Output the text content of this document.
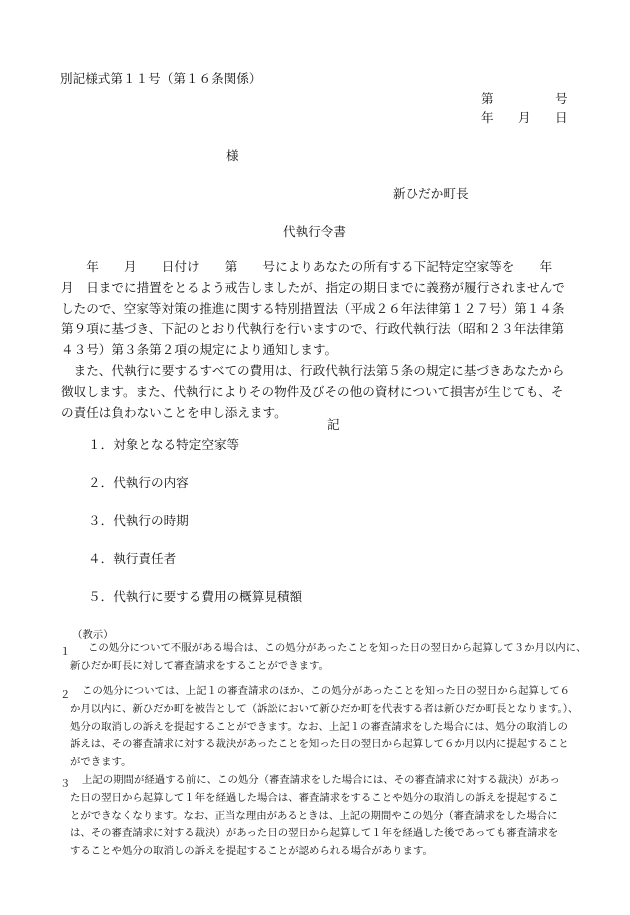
別記様式第１１号（第１６条関係）
第	号
年 月 日
様
新ひだか町長
代執行令書
　　年　　月　　日付け　　第　　号によりあなたの所有する下記特定空家等を　　年
月　日までに措置をとるよう戒告しましたが、指定の期日までに義務が履行されませんで
したので、空家等対策の推進に関する特別措置法（平成２６年法律第１２７号）第１４条
第９項に基づき、下記のとおり代執行を行いますので、行政代執行法（昭和２３年法律第
４３号）第３条第２項の規定により通知します。
　また、代執行に要するすべての費用は、行政代執行法第５条の規定に基づきあなたから
徴収します。また、代執行によりその物件及びその他の資材について損害が生じても、そ
の責任は負わないことを申し添えます。
記
１．対象となる特定空家等
２．代執行の内容
３．代執行の時期
４．執行責任者
５．代執行に要する費用の概算見積額
（教示）
１	この処分について不服がある場合は、この処分があったことを知った日の翌日から起算して３か月以内に、
新ひだか町長に対して審査請求をすることができます。
２ この処分については、上記１の審査請求のほか、この処分があったことを知った日の翌日から起算して６
か月以内に、新ひだか町を被告として（訴訟において新ひだか町を代表する者は新ひだか町長となります。）、
処分の取消しの訴えを提起することができます。なお、上記１の審査請求をした場合には、処分の取消しの
訴えは、その審査請求に対する裁決があったことを知った日の翌日から起算して６か月以内に提起すること
ができます。
３ 上記の期間が経過する前に、この処分（審査請求をした場合には、その審査請求に対する裁決）があっ
た日の翌日から起算して１年を経過した場合は、審査請求をすることや処分の取消しの訴えを提起するこ
とができなくなります。なお、正当な理由があるときは、上記の期間やこの処分（審査請求をした場合に
は、その審査請求に対する裁決）があった日の翌日から起算して１年を経過した後であっても審査請求を
することや処分の取消しの訴えを提起することが認められる場合があります。
